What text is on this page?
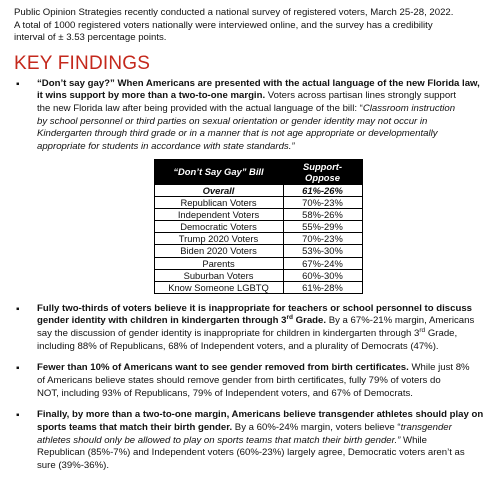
Public Opinion Strategies recently conducted a national survey of registered voters, March 25-28, 2022.
A total of 1000 registered voters nationally were interviewed online, and the survey has a credibility
interval of ± 3.53 percentage points.

KEY FINDINGS
▪ “Don’t say gay?” When Americans are presented with the actual language of the new Florida law,
it wins support by more than a two-to-one margin. Voters across partisan lines strongly support
the new Florida law after being provided with the actual language of the bill: “Classroom instruction
by school personnel or third parties on sexual orientation or gender identity may not occur in
Kindergarten through third grade or in a manner that is not age appropriate or developmentally
appropriate for students in accordance with state standards.”
“Don’t Say Gay” Bill	Support-Oppose
Overall	61%-26%
Republican Voters	70%-23%
Independent Voters	58%-26%
Democratic Voters	55%-29%
Trump 2020 Voters	70%-23%
Biden 2020 Voters	53%-30%
Parents	67%-24%
Suburban Voters	60%-30%
Know Someone LGBTQ	61%-28%
▪ Fully two-thirds of voters believe it is inappropriate for teachers or school personnel to discuss
gender identity with children in kindergarten through 3rd Grade. By a 67%-21% margin, Americans
say the discussion of gender identity is inappropriate for children in kindergarten through 3rd Grade,
including 88% of Republicans, 68% of Independent voters, and a plurality of Democrats (47%).
▪ Fewer than 10% of Americans want to see gender removed from birth certificates. While just 8%
of Americans believe states should remove gender from birth certificates, fully 79% of voters do
NOT, including 93% of Republicans, 79% of Independent voters, and 67% of Democrats.
▪ Finally, by more than a two-to-one margin, Americans believe transgender athletes should play on
sports teams that match their birth gender. By a 60%-24% margin, voters believe “transgender
athletes should only be allowed to play on sports teams that match their birth gender.” While
Republican (85%-7%) and Independent voters (60%-23%) largely agree, Democratic voters aren’t as
sure (39%-36%).
